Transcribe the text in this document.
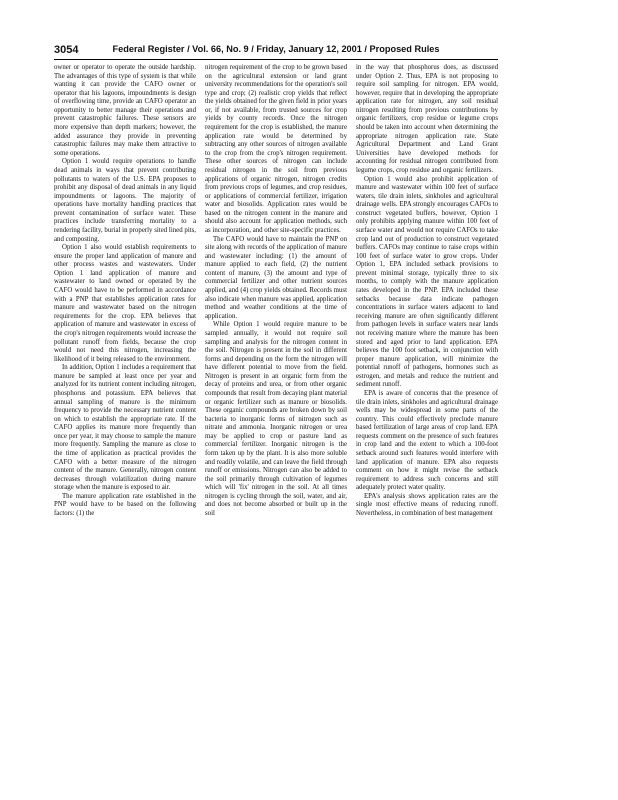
3054	Federal Register / Vol. 66, No. 9 / Friday, January 12, 2001 / Proposed Rules

owner or operator to operate the outside hardship. The advantages of this type of system is that while wanting it can provide the CAFO owner or operator that his lagoons, impoundments is design of overflowing time, provide an CAFO operator an opportunity to better manage their operations and prevent catastrophic failures. These sensors are more expensive than depth markers; however, the added assurance they provide in preventing catastrophic failures may make them attractive to some operations.

Option 1 would require operations to handle dead animals in ways that prevent contributing pollutants to waters of the U.S. EPA proposes to prohibit any disposal of dead animals in any liquid impoundments or lagoons. The majority of operations have mortality handling practices that prevent contamination of surface water. These practices include transferring mortality to a rendering facility, burial in properly sited lined pits, and composting.

Option 1 also would establish requirements to ensure the proper land application of manure and other process wastes and wastewaters. Under Option 1 land application of manure and wastewater to land owned or operated by the CAFO would have to be performed in accordance with a PNP that establishes application rates for manure and wastewater based on the nitrogen requirements for the crop. EPA believes that application of manure and wastewater in excess of the crop's nitrogen requirements would increase the pollutant runoff from fields, because the crop would not need this nitrogen, increasing the likelihood of it being released to the environment.

In addition, Option 1 includes a requirement that manure be sampled at least once per year and analyzed for its nutrient content including nitrogen, phosphorus and potassium. EPA believes that annual sampling of manure is the minimum frequency to provide the necessary nutrient content on which to establish the appropriate rate. If the CAFO applies its manure more frequently than once per year, it may choose to sample the manure more frequently. Sampling the manure as close to the time of application as practical provides the CAFO with a better measure of the nitrogen content of the manure. Generally, nitrogen content decreases through volatilization during manure storage when the manure is exposed to air.

The manure application rate established in the PNP would have to be based on the following factors: (1) the

nitrogen requirement of the crop to be grown based on the agricultural extension or land grant university recommendations for the operation's soil type and crop; (2) realistic crop yields that reflect the yields obtained for the given field in prior years or, if not available, from trusted sources for crop yields by county records. Once the nitrogen requirement for the crop is established, the manure application rate would be determined by subtracting any other sources of nitrogen available to the crop from the crop's nitrogen requirement. These other sources of nitrogen can include residual nitrogen in the soil from previous applications of organic nitrogen, nitrogen credits from previous crops of legumes, and crop residues, or applications of commercial fertilizer, irrigation water and biosolids. Application rates would be based on the nitrogen content in the manure and should also account for application methods, such as incorporation, and other site-specific practices.

The CAFO would have to maintain the PNP on site along with records of the application of manure and wastewater including: (1) the amount of manure applied to each field, (2) the nutrient content of manure, (3) the amount and type of commercial fertilizer and other nutrient sources applied, and (4) crop yields obtained. Records must also indicate when manure was applied, application method and weather conditions at the time of application.

While Option 1 would require manure to be sampled annually, it would not require soil sampling and analysis for the nitrogen content in the soil. Nitrogen is present in the soil in different forms and depending on the form the nitrogen will have different potential to move from the field. Nitrogen is present in an organic form from the decay of proteins and urea, or from other organic compounds that result from decaying plant material or organic fertilizer such as manure or biosolids. These organic compounds are broken down by soil bacteria to inorganic forms of nitrogen such as nitrate and ammonia. Inorganic nitrogen or urea may be applied to crop or pasture land as commercial fertilizer. Inorganic nitrogen is the form taken up by the plant. It is also more soluble and readily volatile, and can leave the field through runoff or emissions. Nitrogen can also be added to the soil primarily through cultivation of legumes which will 'fix' nitrogen in the soil. At all times nitrogen is cycling through the soil, water, and air, and does not become absorbed or built up in the soil

in the way that phosphorus does, as discussed under Option 2. Thus, EPA is not proposing to require soil sampling for nitrogen. EPA would, however, require that in developing the appropriate application rate for nitrogen, any soil residual nitrogen resulting from previous contributions by organic fertilizers, crop residue or legume crops should be taken into account when determining the appropriate nitrogen application rate. State Agricultural Department and Land Grant Universities have developed methods for accounting for residual nitrogen contributed from legume crops, crop residue and organic fertilizers.

Option 1 would also prohibit application of manure and wastewater within 100 feet of surface waters, tile drain inlets, sinkholes and agricultural drainage wells. EPA strongly encourages CAFOs to construct vegetated buffers, however, Option 1 only prohibits applying manure within 100 feet of surface water and would not require CAFOs to take crop land out of production to construct vegetated buffers. CAFOs may continue to raise crops within 100 feet of surface water to grow crops. Under Option 1, EPA included setback provisions to prevent minimal storage, typically three to six months, to comply with the manure application rates developed in the PNP. EPA included these setbacks because data indicate pathogen concentrations in surface waters adjacent to land receiving manure are often significantly different from pathogen levels in surface waters near lands not receiving manure where the manure has been stored and aged prior to land application. EPA believes the 100 foot setback, in conjunction with proper manure application, will minimize the potential runoff of pathogens, hormones such as estrogen, and metals and reduce the nutrient and sediment runoff.

EPA is aware of concerns that the presence of tile drain inlets, sinkholes and agricultural drainage wells may be widespread in some parts of the country. This could effectively preclude manure based fertilization of large areas of crop land. EPA requests comment on the presence of such features in crop land and the extent to which a 100-foot setback around such features would interfere with land application of manure. EPA also requests comment on how it might revise the setback requirement to address such concerns and still adequately protect water quality.

EPA's analysis shows application rates are the single most effective means of reducing runoff. Nevertheless, in combination of best management
